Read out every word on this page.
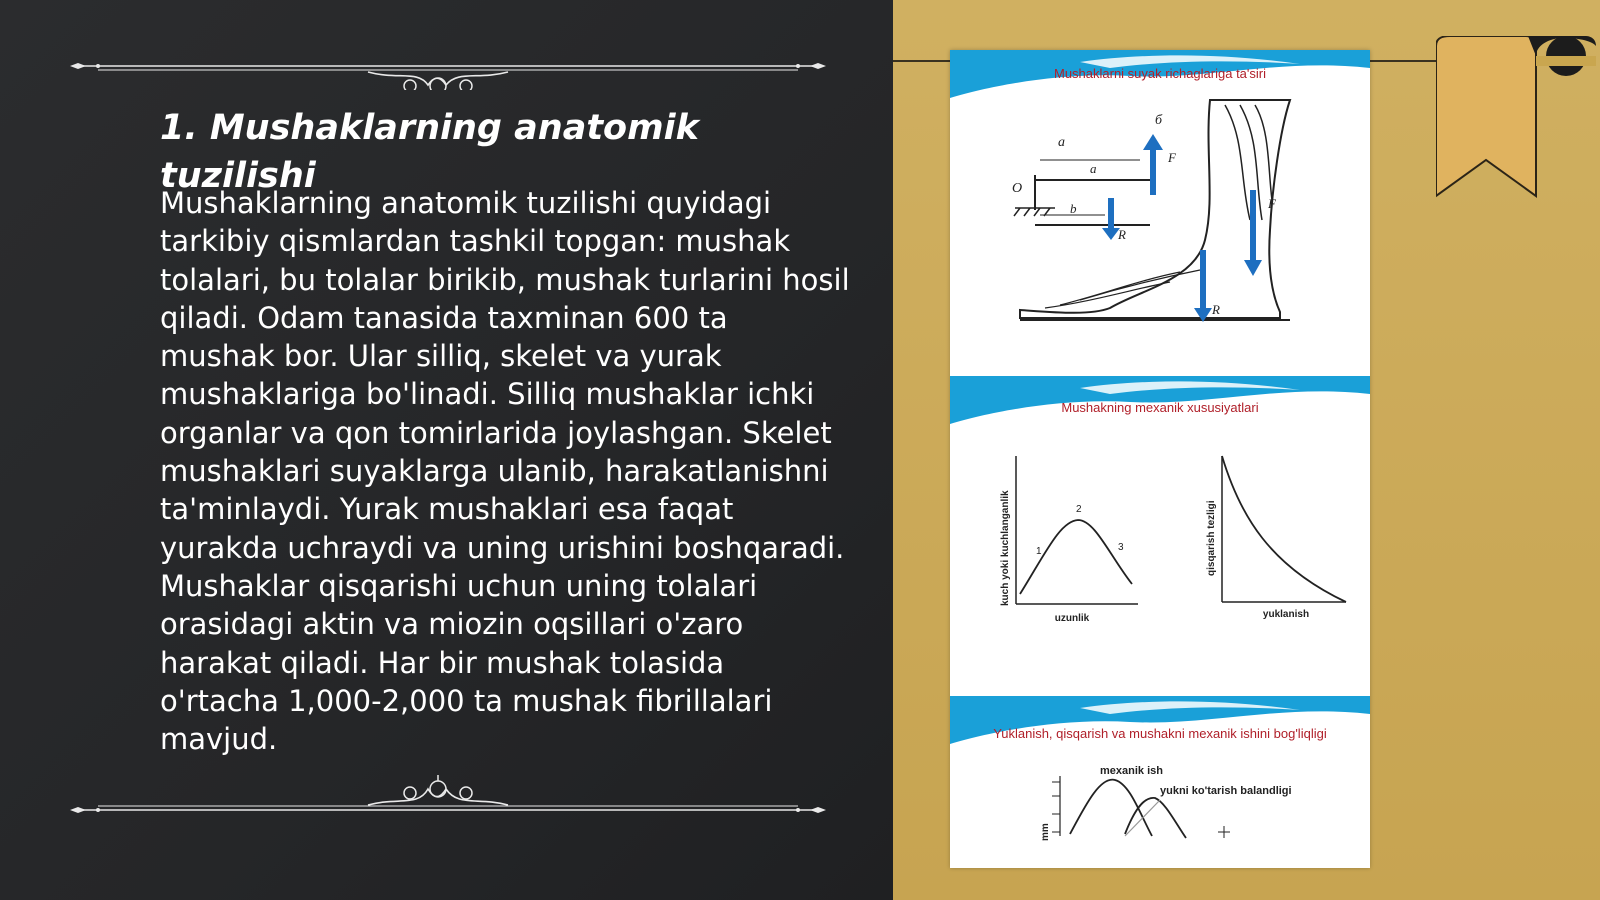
1. Mushaklarning anatomik tuzilishi

Mushaklarning anatomik tuzilishi quyidagi tarkibiy qismlardan tashkil topgan: mushak tolalari, bu tolalar birikib, mushak turlarini hosil qiladi. Odam tanasida taxminan 600 ta mushak bor. Ular silliq, skelet va yurak mushaklariga bo'linadi. Silliq mushaklar ichki organlar va qon tomirlarida joylashgan. Skelet mushaklari suyaklarga ulanib, harakatlanishni ta'minlaydi. Yurak mushaklari esa faqat yurakda uchraydi va uning urishini boshqaradi. Mushaklar qisqarishi uchun uning tolalari orasidagi aktin va miozin oqsillari o'zaro harakat qiladi. Har bir mushak tolasida o'rtacha 1,000-2,000 ta mushak fibrillalari mavjud.

a
a
b
O
б
F
R
F
R
Mushaklarni suyak richaglariga ta'siri
1
2
3
uzunlik
kuch yoki kuchlanganlik
yuklanish
qisqarish tezligi
Mushakning mexanik xususiyatlari
mexanik ish
yukni ko'tarish balandligi
mm
Yuklanish, qisqarish va mushakni mexanik ishini bog'liqligi
